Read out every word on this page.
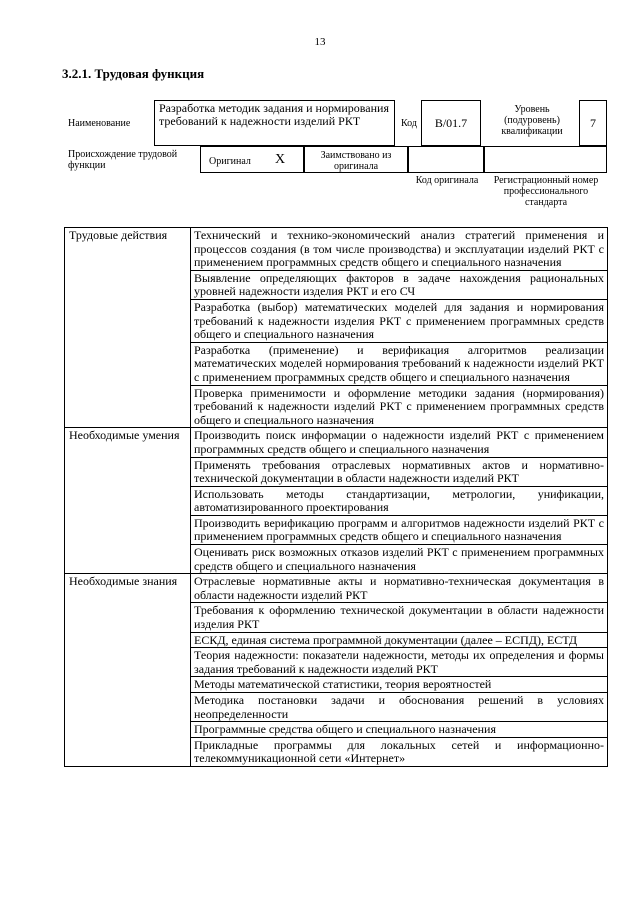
13
3.2.1. Трудовая функция
Наименование
Разработка методик задания и нормирования требований к надежности изделий РКТ	Код	B/01.7
Уровень (подуровень) квалификации
7
Происхождение трудовой функции	Оригинал X	Заимствовано из оригинала
Код оригинала	Регистрационный номер профессионального стандарта
Трудовые действия	Технический и технико-экономический анализ стратегий применения и процессов создания (в том числе производства) и эксплуатации изделий РКТ с применением программных средств общего и специального назначения
	Выявление определяющих факторов в задаче нахождения рациональных уровней надежности изделия РКТ и его СЧ
	Разработка (выбор) математических моделей для задания и нормирования требований к надежности изделия РКТ с применением программных средств общего и специального назначения
	Разработка (применение) и верификация алгоритмов реализации математических моделей нормирования требований к надежности изделий РКТ с применением программных средств общего и специального назначения
	Проверка применимости и оформление методики задания (нормирования) требований к надежности изделий РКТ с применением программных средств общего и специального назначения
Необходимые умения	Производить поиск информации о надежности изделий РКТ с применением программных средств общего и специального назначения
	Применять требования отраслевых нормативных актов и нормативно-технической документации в области надежности изделий РКТ
	Использовать методы стандартизации, метрологии, унификации, автоматизированного проектирования
	Производить верификацию программ и алгоритмов надежности изделий РКТ с применением программных средств общего и специального назначения
	Оценивать риск возможных отказов изделий РКТ с применением программных средств общего и специального назначения
Необходимые знания	Отраслевые нормативные акты и нормативно-техническая документация в области надежности изделий РКТ
	Требования к оформлению технической документации в области надежности изделия РКТ
	ЕСКД, единая система программной документации (далее – ЕСПД), ЕСТД
	Теория надежности: показатели надежности, методы их определения и формы задания требований к надежности изделий РКТ
	Методы математической статистики, теория вероятностей
	Методика постановки задачи и обоснования решений в условиях неопределенности
	Программные средства общего и специального назначения
	Прикладные программы для локальных сетей и информационно-телекоммуникационной сети «Интернет»
